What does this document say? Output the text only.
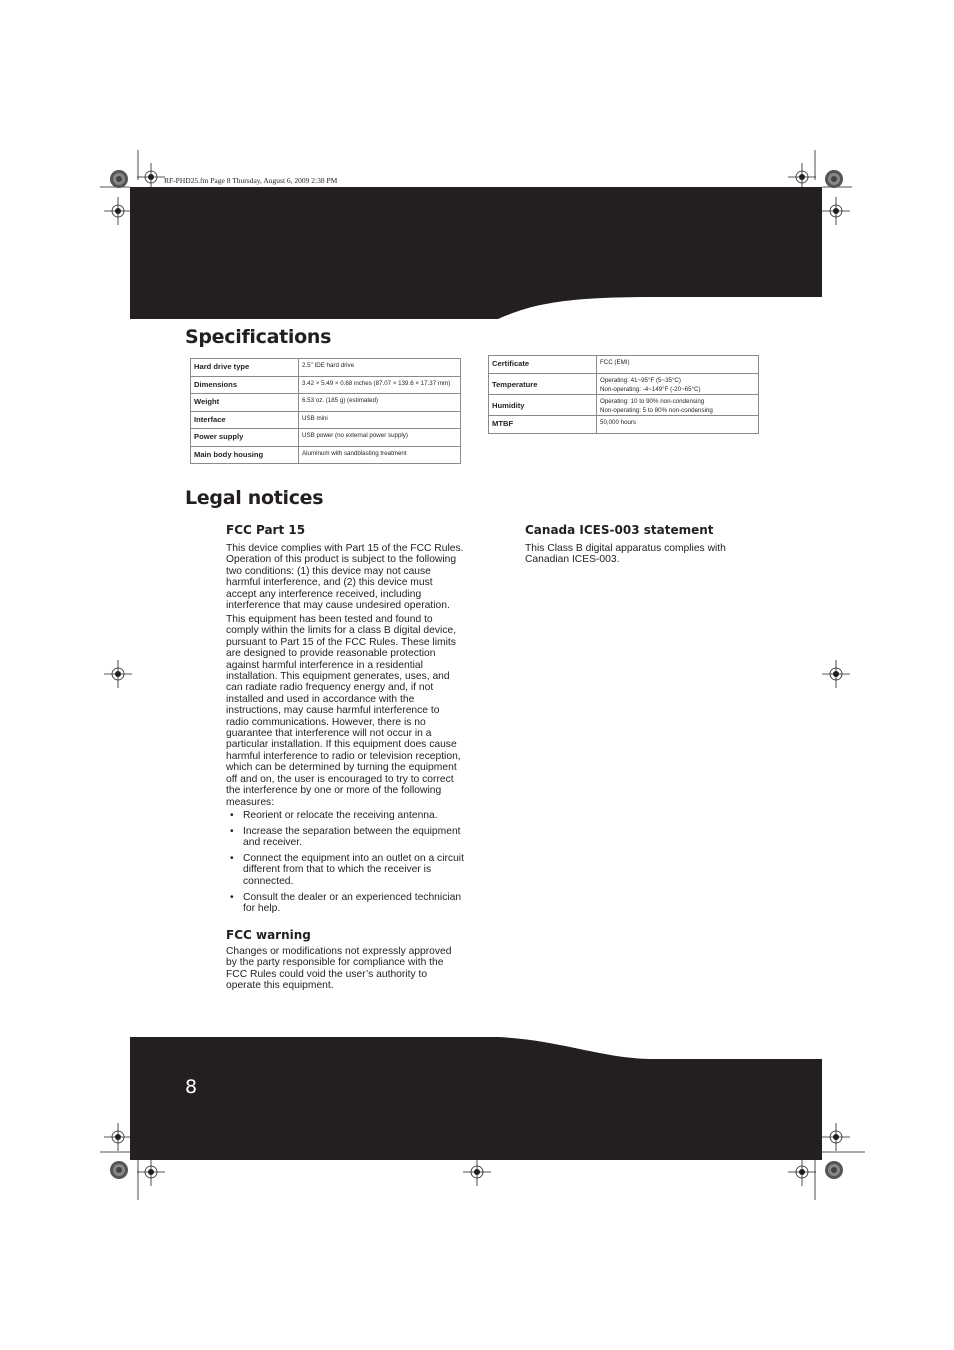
RF-PHD25.fm Page 8 Thursday, August 6, 2009 2:38 PM
Specifications
Hard drive type	2.5" IDE hard drive
Dimensions	3.42 × 5.49 × 0.68 inches (87.07 × 139.6 × 17.37 mm)
Weight	6.53 oz. (185 g) (estimated)
Interface	USB mini
Power supply	USB power (no external power supply)
Main body housing	Aluminum with sandblasting treatment
Certificate	FCC (EMI)

Temperature	Operating: 41~95°F (5~35°C)
Non-operating: -4~149°F (-20~65°C)

Humidity	Operating: 10 to 90% non-condensing
Non-operating: 5 to 80% non-condensing

MTBF	50,000 hours
Legal notices
FCC Part 15

This device complies with Part 15 of the FCC Rules. Operation of this product is subject to the following two conditions: (1) this device may not cause harmful interference, and (2) this device must accept any interference received, including interference that may cause undesired operation.

This equipment has been tested and found to comply within the limits for a class B digital device, pursuant to Part 15 of the FCC Rules. These limits are designed to provide reasonable protection against harmful interference in a residential installation. This equipment generates, uses, and can radiate radio frequency energy and, if not installed and used in accordance with the instructions, may cause harmful interference to radio communications. However, there is no guarantee that interference will not occur in a particular installation. If this equipment does cause harmful interference to radio or television reception, which can be determined by turning the equipment off and on, the user is encouraged to try to correct the interference by one or more of the following measures:

• Reorient or relocate the receiving antenna.
• Increase the separation between the equipment and receiver.
• Connect the equipment into an outlet on a circuit different from that to which the receiver is connected.
• Consult the dealer or an experienced technician for help.
FCC warning

Changes or modifications not expressly approved by the party responsible for compliance with the FCC Rules could void the user’s authority to operate this equipment.

Canada ICES-003 statement

This Class B digital apparatus complies with Canadian ICES-003.

8
